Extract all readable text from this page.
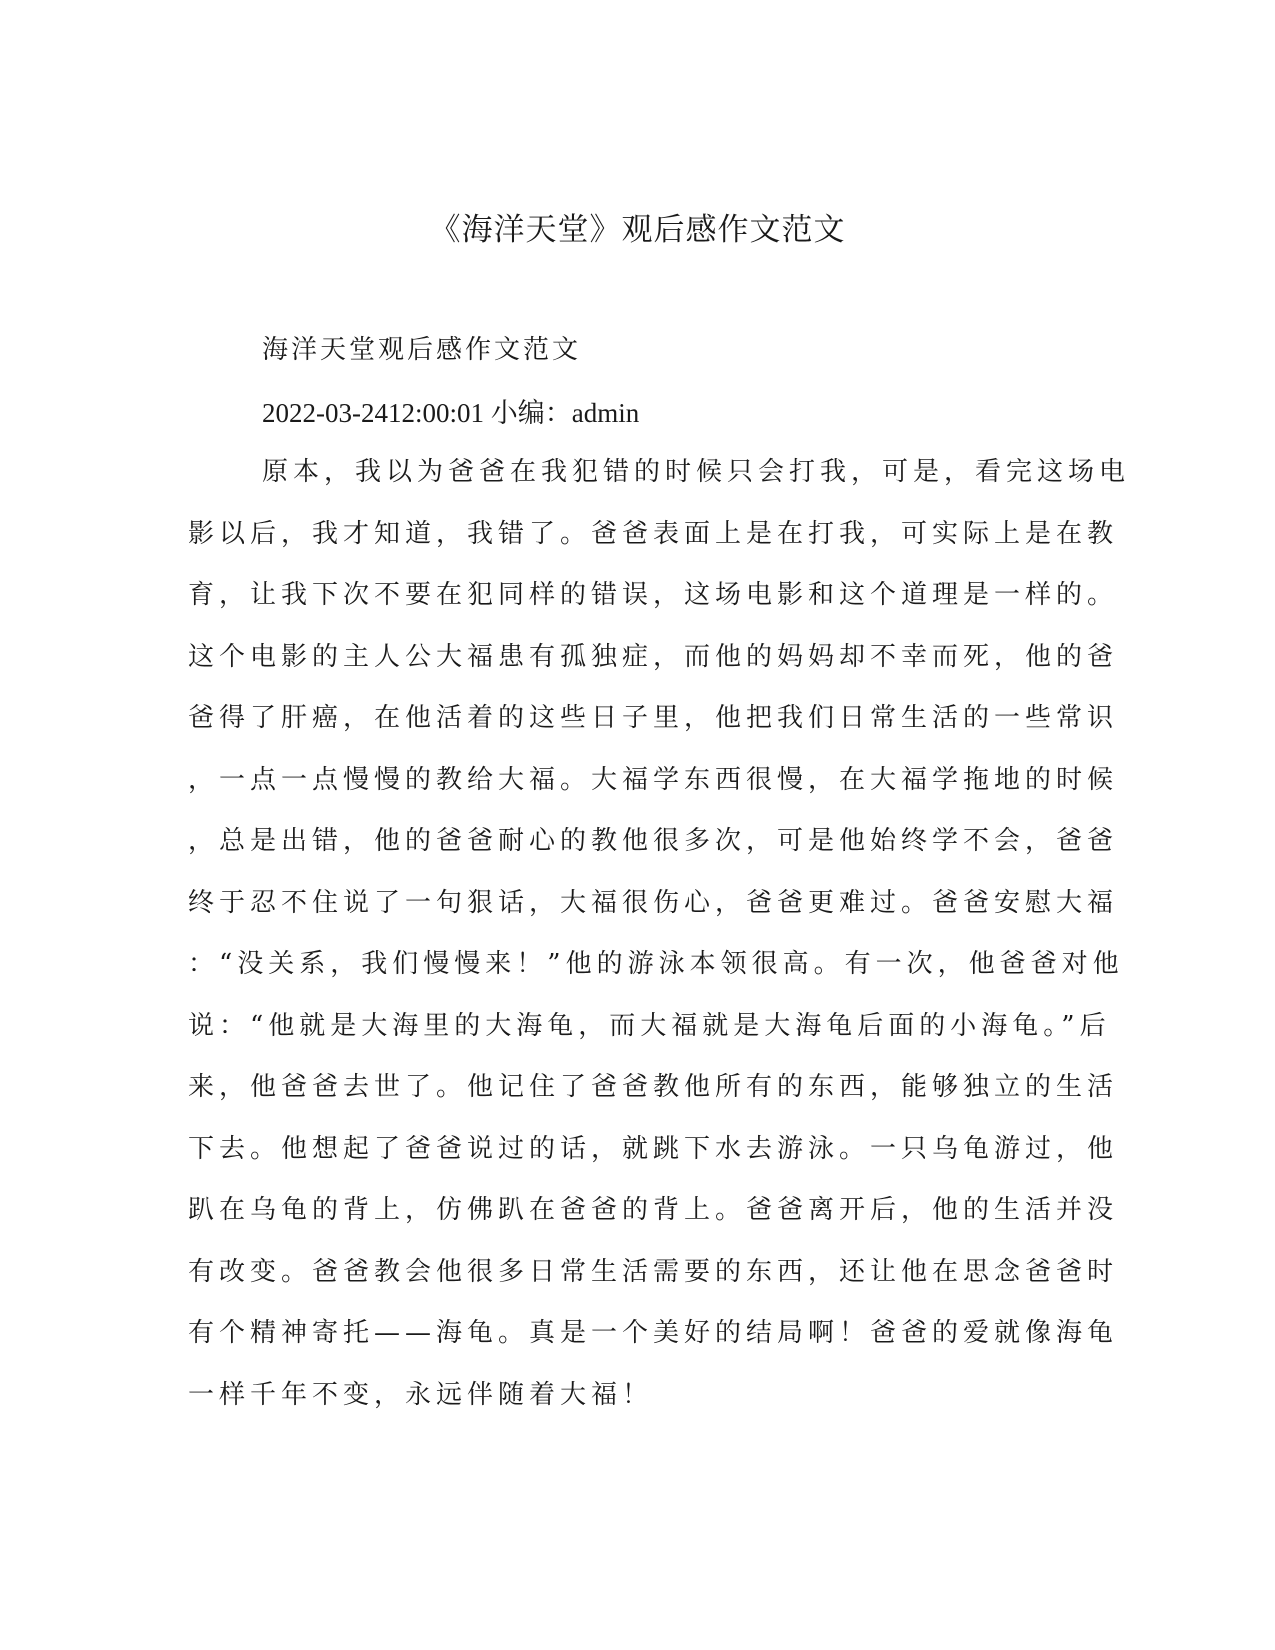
《海洋天堂》观后感作文范文

海洋天堂观后感作文范文

2022-03-2412:00:01 小编：admin

原本，我以为爸爸在我犯错的时候只会打我，可是，看完这场电
影以后，我才知道，我错了。爸爸表面上是在打我，可实际上是在教
育，让我下次不要在犯同样的错误，这场电影和这个道理是一样的。
这个电影的主人公大福患有孤独症，而他的妈妈却不幸而死，他的爸
爸得了肝癌，在他活着的这些日子里，他把我们日常生活的一些常识
，一点一点慢慢的教给大福。大福学东西很慢，在大福学拖地的时候
，总是出错，他的爸爸耐心的教他很多次，可是他始终学不会，爸爸
终于忍不住说了一句狠话，大福很伤心，爸爸更难过。爸爸安慰大福
：“没关系，我们慢慢来！”他的游泳本领很高。有一次，他爸爸对他
说：“他就是大海里的大海龟，而大福就是大海龟后面的小海龟。”后
来，他爸爸去世了。他记住了爸爸教他所有的东西，能够独立的生活
下去。他想起了爸爸说过的话，就跳下水去游泳。一只乌龟游过，他
趴在乌龟的背上，仿佛趴在爸爸的背上。爸爸离开后，他的生活并没
有改变。爸爸教会他很多日常生活需要的东西，还让他在思念爸爸时
有个精神寄托——海龟。真是一个美好的结局啊！爸爸的爱就像海龟
一样千年不变，永远伴随着大福！
